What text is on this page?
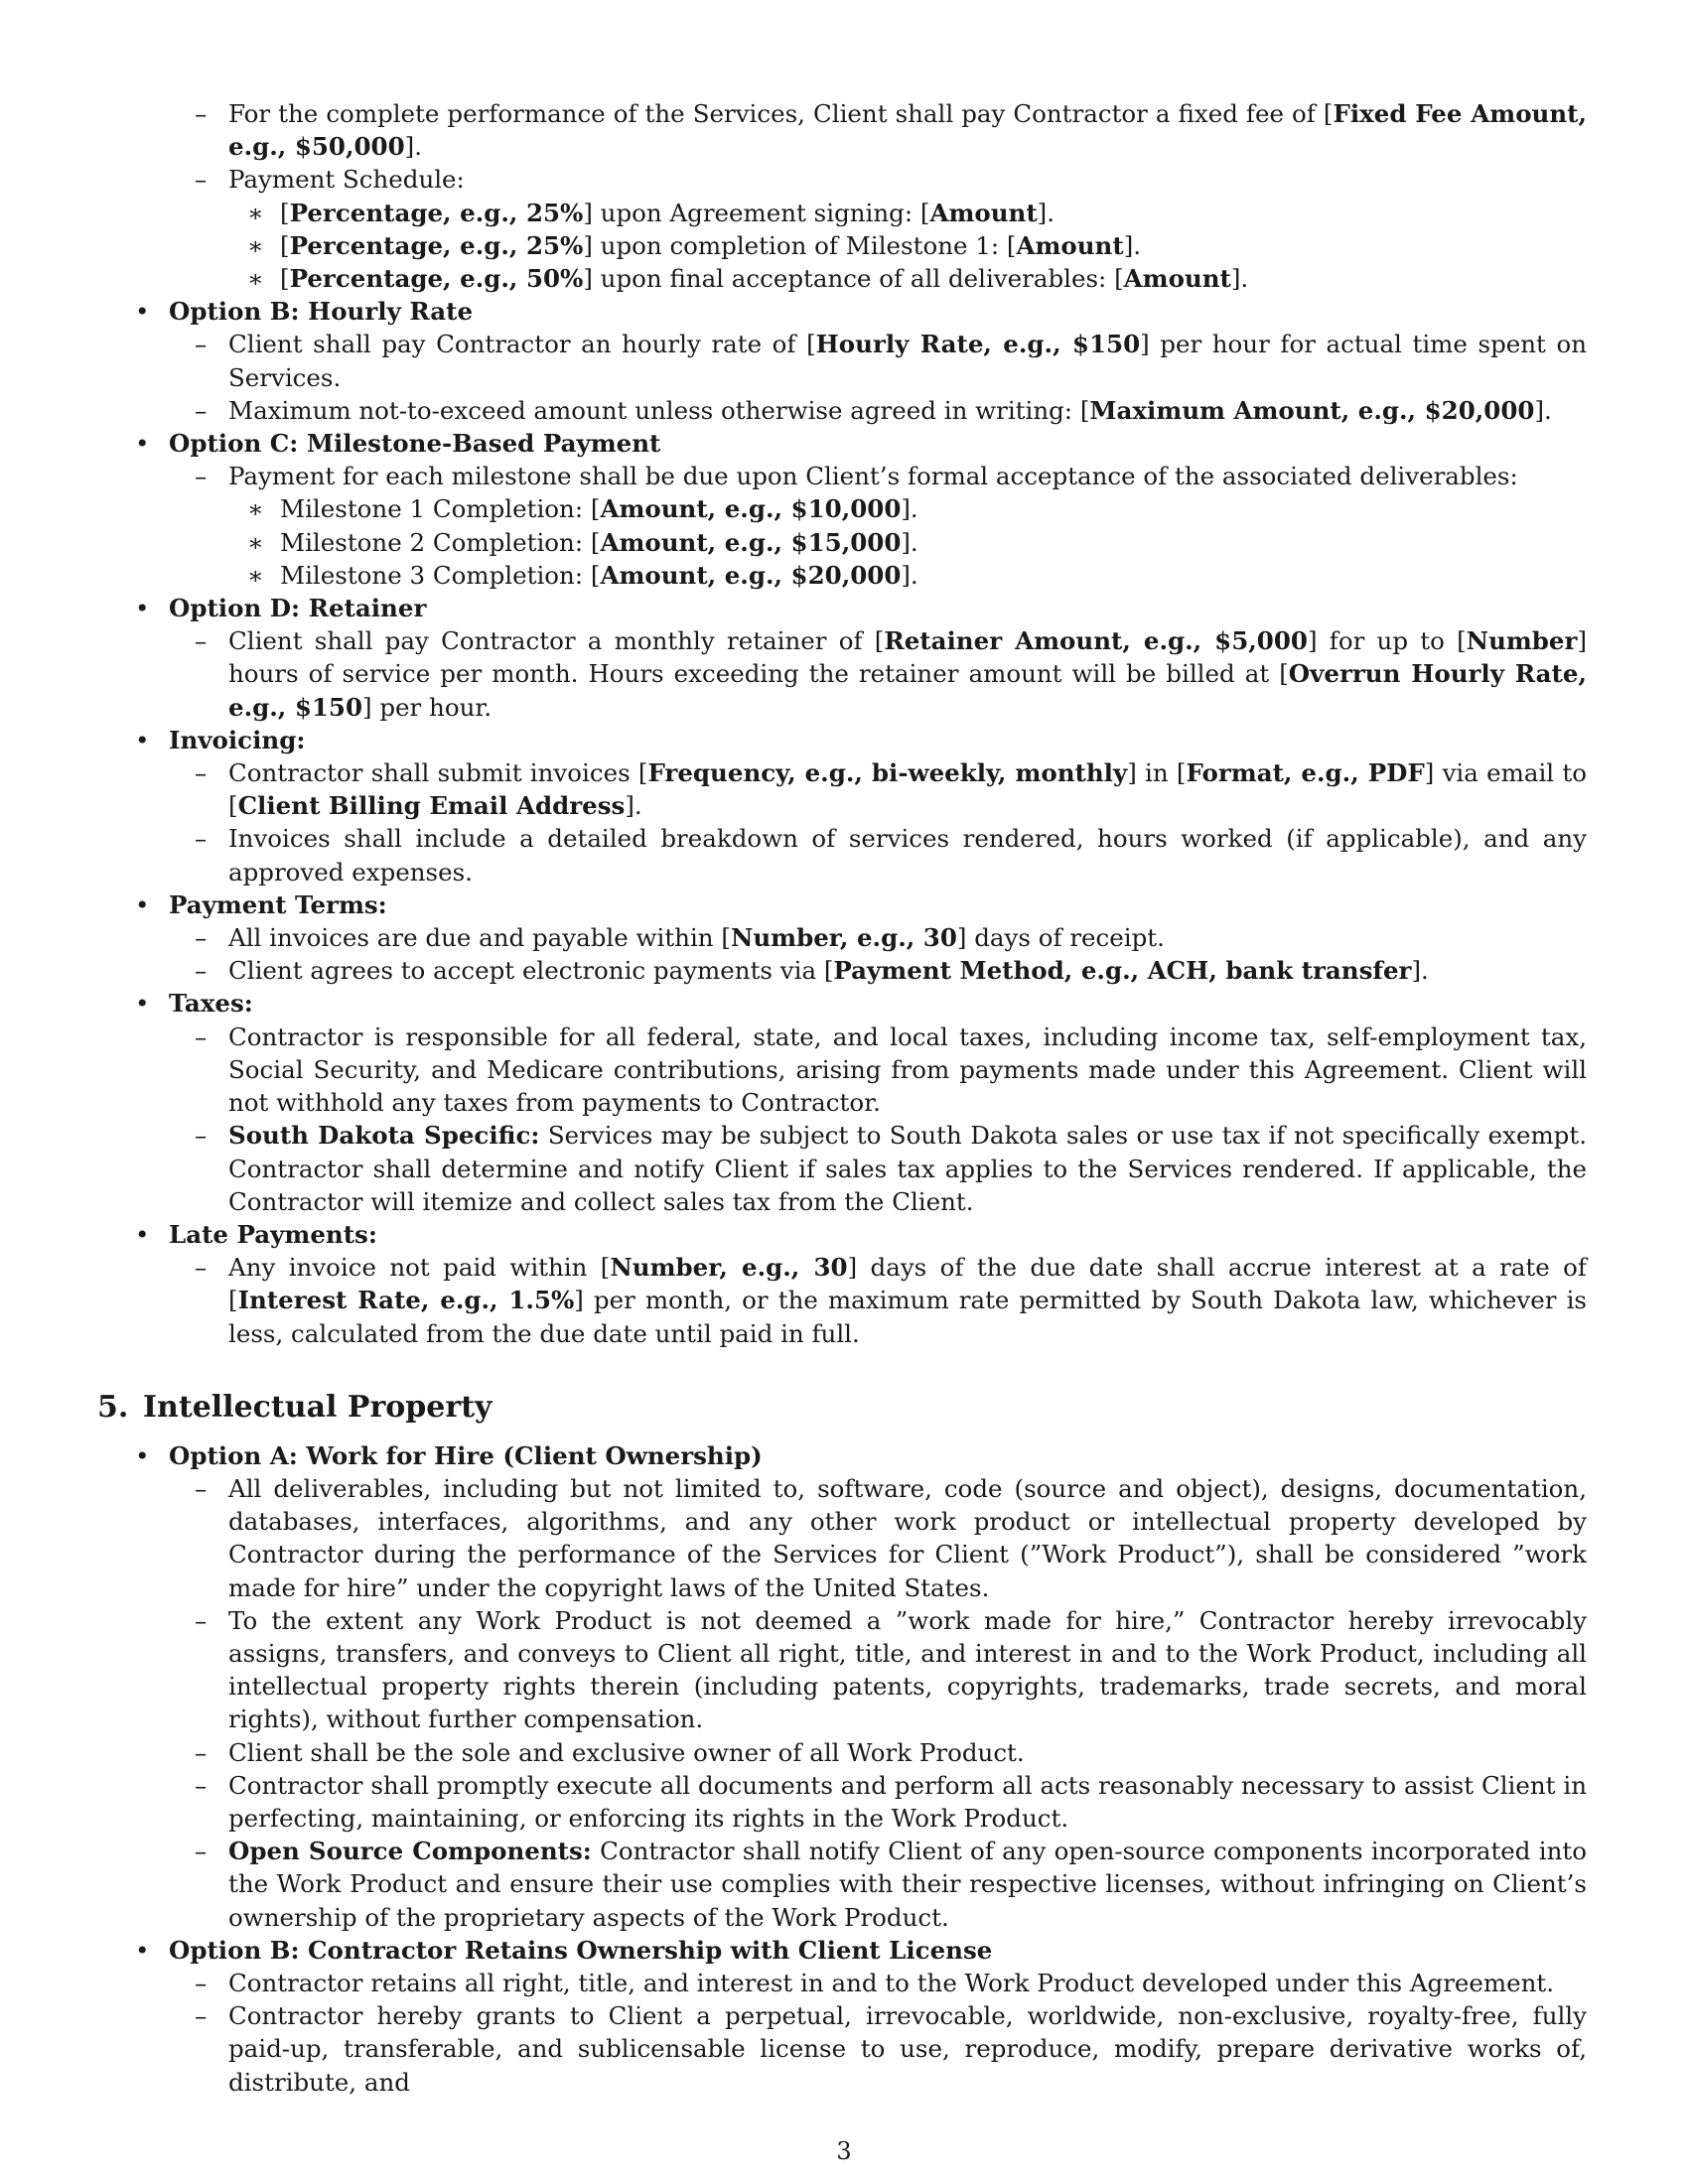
– For the complete performance of the Services, Client shall pay Contractor a fixed fee of [Fixed Fee Amount, e.g., $50,000].
– Payment Schedule:
∗ [Percentage, e.g., 25%] upon Agreement signing: [Amount].
∗ [Percentage, e.g., 25%] upon completion of Milestone 1: [Amount].
∗ [Percentage, e.g., 50%] upon final acceptance of all deliverables: [Amount].
• Option B: Hourly Rate
– Client shall pay Contractor an hourly rate of [Hourly Rate, e.g., $150] per hour for actual time spent on Services.
– Maximum not-to-exceed amount unless otherwise agreed in writing: [Maximum Amount, e.g., $20,000].
• Option C: Milestone-Based Payment
– Payment for each milestone shall be due upon Client’s formal acceptance of the associated deliverables:
∗ Milestone 1 Completion: [Amount, e.g., $10,000].
∗ Milestone 2 Completion: [Amount, e.g., $15,000].
∗ Milestone 3 Completion: [Amount, e.g., $20,000].
• Option D: Retainer
– Client shall pay Contractor a monthly retainer of [Retainer Amount, e.g., $5,000] for up to [Number] hours of service per month. Hours exceeding the retainer amount will be billed at [Overrun Hourly Rate, e.g., $150] per hour.
• Invoicing:
– Contractor shall submit invoices [Frequency, e.g., bi-weekly, monthly] in [Format, e.g., PDF] via email to [Client Billing Email Address].
– Invoices shall include a detailed breakdown of services rendered, hours worked (if applicable), and any approved expenses.
• Payment Terms:
– All invoices are due and payable within [Number, e.g., 30] days of receipt.
– Client agrees to accept electronic payments via [Payment Method, e.g., ACH, bank transfer].
• Taxes:
– Contractor is responsible for all federal, state, and local taxes, including income tax, self-employment tax, Social Security, and Medicare contributions, arising from payments made under this Agreement. Client will not withhold any taxes from payments to Contractor.
– South Dakota Specific: Services may be subject to South Dakota sales or use tax if not specifically exempt. Contractor shall determine and notify Client if sales tax applies to the Services rendered. If applicable, the Contractor will itemize and collect sales tax from the Client.
• Late Payments:
– Any invoice not paid within [Number, e.g., 30] days of the due date shall accrue interest at a rate of [Interest Rate, e.g., 1.5%] per month, or the maximum rate permitted by South Dakota law, whichever is less, calculated from the due date until paid in full.
5. Intellectual Property
• Option A: Work for Hire (Client Ownership)
– All deliverables, including but not limited to, software, code (source and object), designs, documentation, databases, interfaces, algorithms, and any other work product or intellectual property developed by Contractor during the performance of the Services for Client (”Work Product”), shall be considered ”work made for hire” under the copyright laws of the United States.
– To the extent any Work Product is not deemed a ”work made for hire,” Contractor hereby irrevocably assigns, transfers, and conveys to Client all right, title, and interest in and to the Work Product, including all intellectual property rights therein (including patents, copyrights, trademarks, trade secrets, and moral rights), without further compensation.
– Client shall be the sole and exclusive owner of all Work Product.
– Contractor shall promptly execute all documents and perform all acts reasonably necessary to assist Client in perfecting, maintaining, or enforcing its rights in the Work Product.
– Open Source Components: Contractor shall notify Client of any open-source components incorporated into the Work Product and ensure their use complies with their respective licenses, without infringing on Client’s ownership of the proprietary aspects of the Work Product.
• Option B: Contractor Retains Ownership with Client License
– Contractor retains all right, title, and interest in and to the Work Product developed under this Agreement.
– Contractor hereby grants to Client a perpetual, irrevocable, worldwide, non-exclusive, royalty-free, fully paid-up, transferable, and sublicensable license to use, reproduce, modify, prepare derivative works of, distribute, and
3
